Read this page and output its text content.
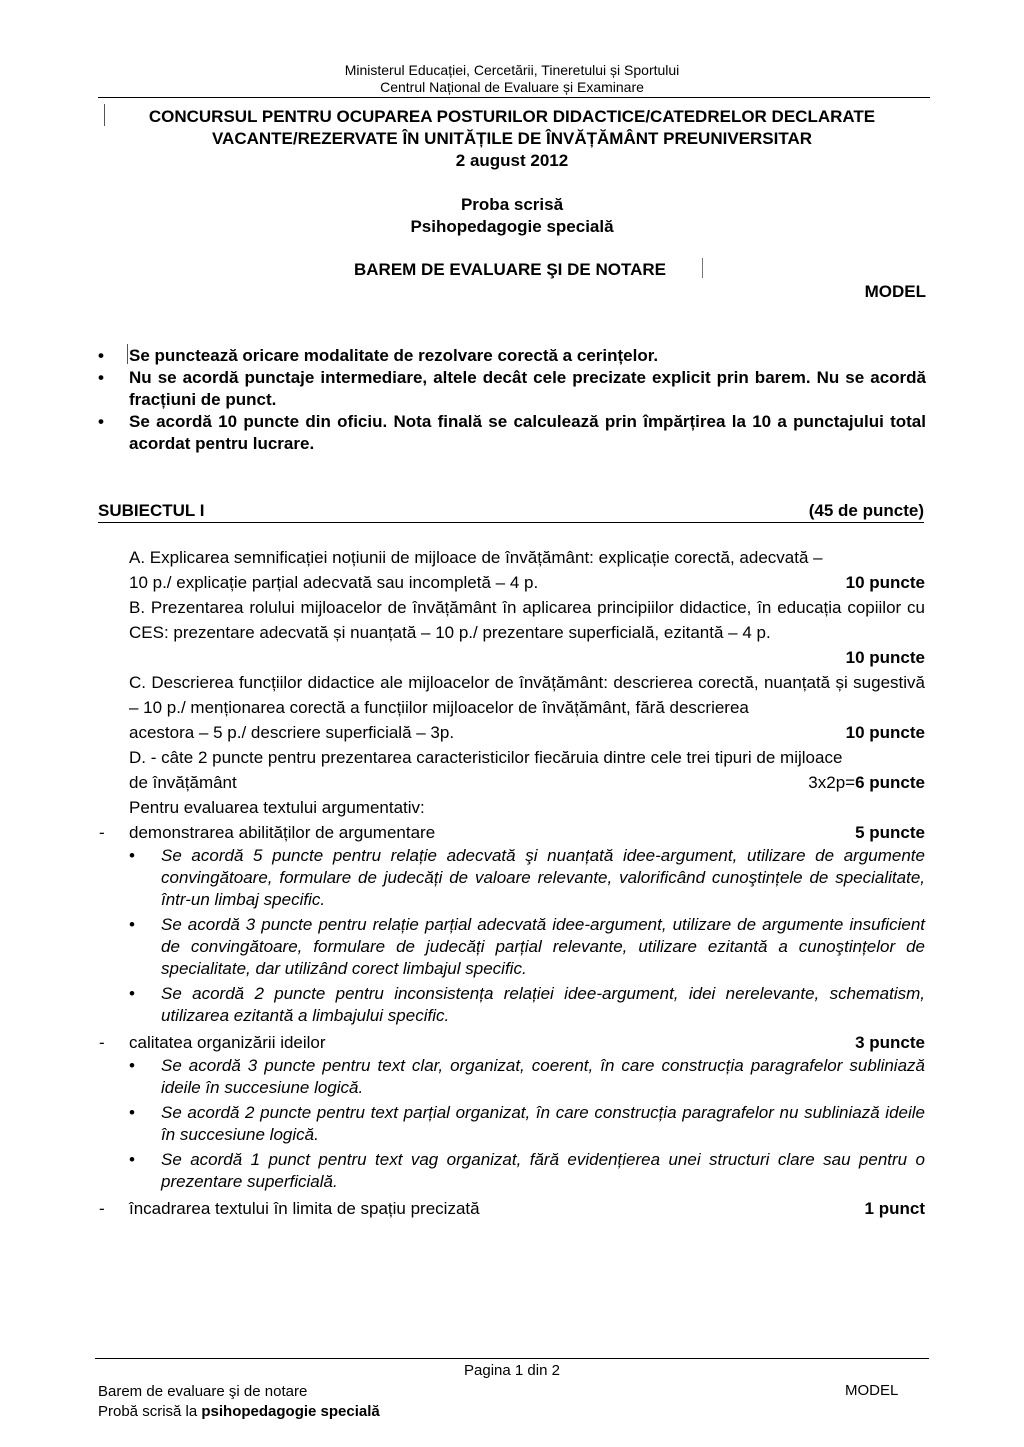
Ministerul Educației, Cercetării, Tineretului și Sportului
Centrul Național de Evaluare și Examinare
CONCURSUL PENTRU OCUPAREA POSTURILOR DIDACTICE/CATEDRELOR DECLARATE
VACANTE/REZERVATE ÎN UNITĂȚILE DE ÎNVĂȚĂMÂNT PREUNIVERSITAR
2 august 2012
Proba scrisă
Psihopedagogie specială
BAREM DE EVALUARE ŞI DE NOTARE
MODEL
• Se punctează oricare modalitate de rezolvare corectă a cerințelor.
• Nu se acordă punctaje intermediare, altele decât cele precizate explicit prin barem. Nu se acordă fracțiuni de punct.
• Se acordă 10 puncte din oficiu. Nota finală se calculează prin împărțirea la 10 a punctajului total acordat pentru lucrare.
SUBIECTUL I	(45 de puncte)
A. Explicarea semnificației noțiunii de mijloace de învățământ: explicație corectă, adecvată –
10 p./ explicație parțial adecvată sau incompletă – 4 p.	10 puncte
B. Prezentarea rolului mijloacelor de învățământ în aplicarea principiilor didactice, în educația copiilor cu CES: prezentare adecvată și nuanțată – 10 p./ prezentare superficială, ezitantă – 4 p.
10 puncte
C. Descrierea funcțiilor didactice ale mijloacelor de învățământ: descrierea corectă, nuanțată și sugestivă – 10 p./ menționarea corectă a funcțiilor mijloacelor de învățământ, fără descrierea
acestora – 5 p./ descriere superficială – 3p.	10 puncte
D. - câte 2 puncte pentru prezentarea caracteristicilor fiecăruia dintre cele trei tipuri de mijloace
de învățământ	3x2p=6 puncte
Pentru evaluarea textului argumentativ:
- demonstrarea abilităților de argumentare	5 puncte
• Se acordă 5 puncte pentru relație adecvată şi nuanțată idee-argument, utilizare de argumente convingătoare, formulare de judecăți de valoare relevante, valorificând cunoştințele de specialitate, într-un limbaj specific.
• Se acordă 3 puncte pentru relație parțial adecvată idee-argument, utilizare de argumente insuficient de convingătoare, formulare de judecăți parțial relevante, utilizare ezitantă a cunoştințelor de specialitate, dar utilizând corect limbajul specific.
• Se acordă 2 puncte pentru inconsistența relației idee-argument, idei nerelevante, schematism, utilizarea ezitantă a limbajului specific.
- calitatea organizării ideilor	3 puncte
• Se acordă 3 puncte pentru text clar, organizat, coerent, în care construcția paragrafelor subliniază ideile în succesiune logică.
• Se acordă 2 puncte pentru text parțial organizat, în care construcția paragrafelor nu subliniază ideile în succesiune logică.
• Se acordă 1 punct pentru text vag organizat, fără evidențierea unei structuri clare sau pentru o prezentare superficială.
- încadrarea textului în limita de spațiu precizată	1 punct
Pagina 1 din 2
Barem de evaluare şi de notare
Probă scrisă la psihopedagogie specială
MODEL
